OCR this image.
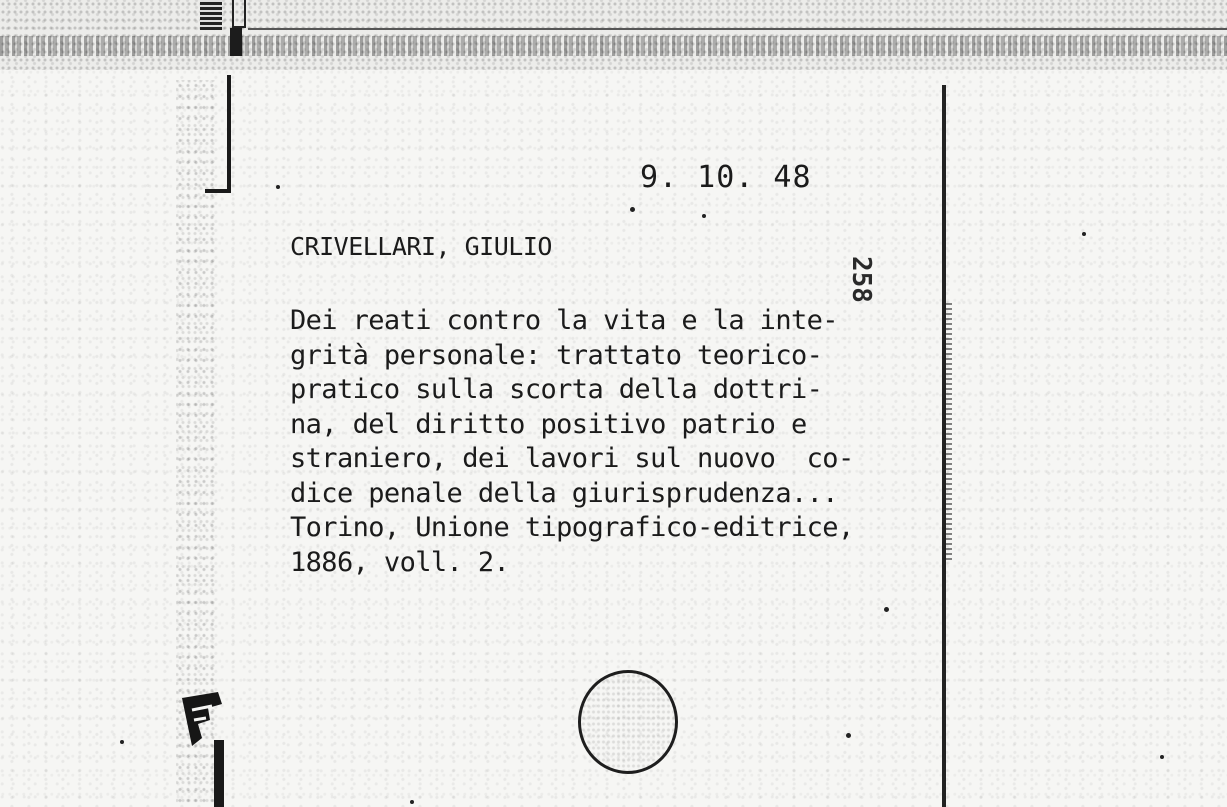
9. 10. 48
CRIVELLARI, GIULIO
258
Dei reati contro la vita e la inte-
grità personale: trattato teorico-
pratico sulla scorta della dottri-
na, del diritto positivo patrio e
straniero, dei lavori sul nuovo  co-
dice penale della giurisprudenza...
Torino, Unione tipografico-editrice,
1886, voll. 2.
